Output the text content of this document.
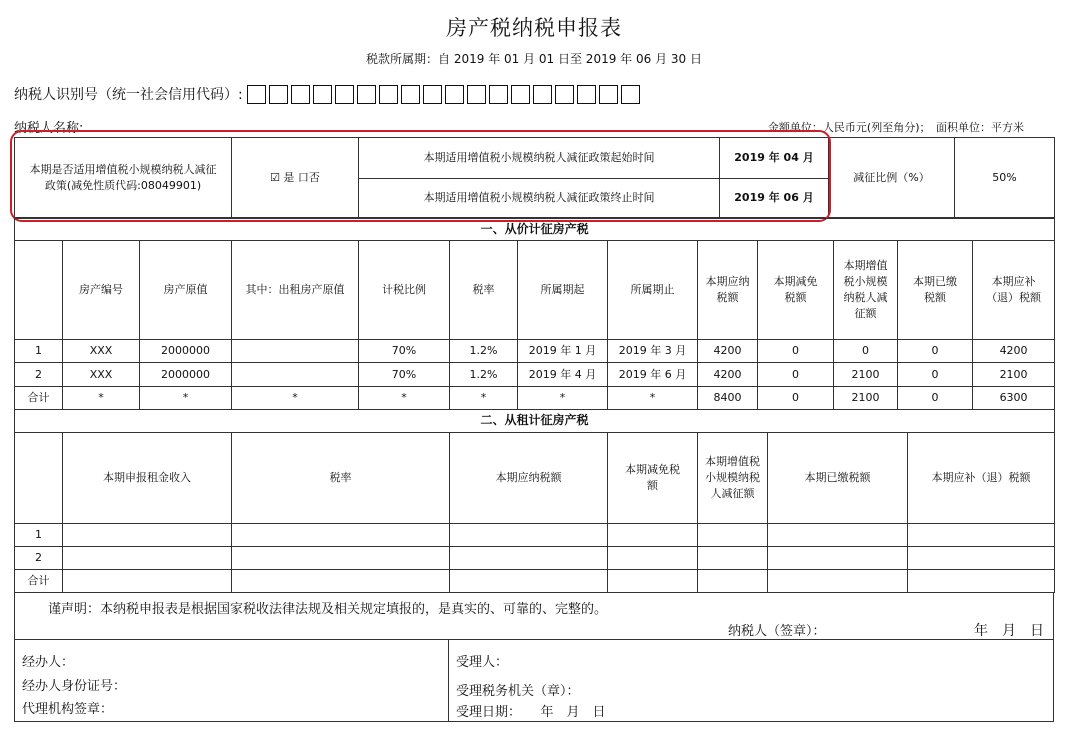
房产税纳税申报表
税款所属期：自 2019 年 01 月 01 日至 2019 年 06 月 30 日
纳税人识别号（统一社会信用代码）:
纳税人名称:	金额单位：人民币元(列至角分)；　面积单位：平方米
本期是否适用增值税小规模纳税人减征政策(减免性质代码:08049901)	☑ 是 口否	本期适用增值税小规模纳税人减征政策起始时间	2019 年 04 月	减征比例（%）	50%
		本期适用增值税小规模纳税人减征政策终止时间	2019 年 06 月		
一、从价计征房产税												
	房产编号	房产原值	其中：出租房产原值	计税比例	税率	所属期起	所属期止	本期应纳税额	本期减免税额	本期增值税小规模纳税人减征额	本期已缴税额	本期应补（退）税额
1	XXX	2000000		70%	1.2%	2019 年 1 月	2019 年 3 月	4200	0	0	0	4200
2	XXX	2000000		70%	1.2%	2019 年 4 月	2019 年 6 月	4200	0	2100	0	2100
合计	*	*	*	*	*	*	*	8400	0	2100	0	6300
二、从租计征房产税							
	本期申报租金收入	税率	本期应纳税额	本期减免税额	本期增值税小规模纳税人减征额	本期已缴税额	本期应补（退）税额
1							
2							
合计							
谨声明：本纳税申报表是根据国家税收法律法规及相关规定填报的，是真实的、可靠的、完整的。
纳税人（签章）：	年　月　日
经办人：
经办人身份证号：
代理机构签章：
受理人：
受理税务机关（章）：
受理日期：　　年　月　日
